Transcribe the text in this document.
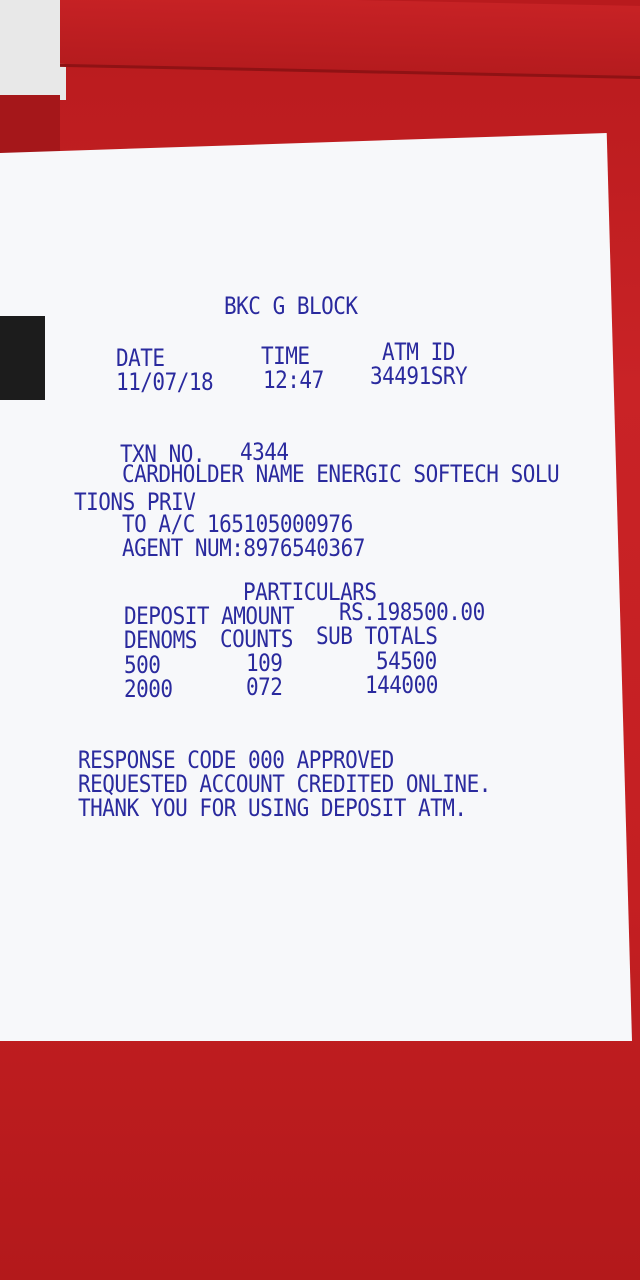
BKC G BLOCK
DATE	TIME	ATM ID
11/07/18 12:47 34491SRY
TXN NO. 4344
CARDHOLDER NAME ENERGIC SOFTECH SOLU
TIONS PRIV
TO A/C 165105000976
AGENT NUM:8976540367
PARTICULARS
DEPOSIT AMOUNT RS.198500.00
DENOMS COUNTS SUB TOTALS
500	109	54500
2000	072	144000
RESPONSE CODE 000 APPROVED
REQUESTED ACCOUNT CREDITED ONLINE.
THANK YOU FOR USING DEPOSIT ATM.
